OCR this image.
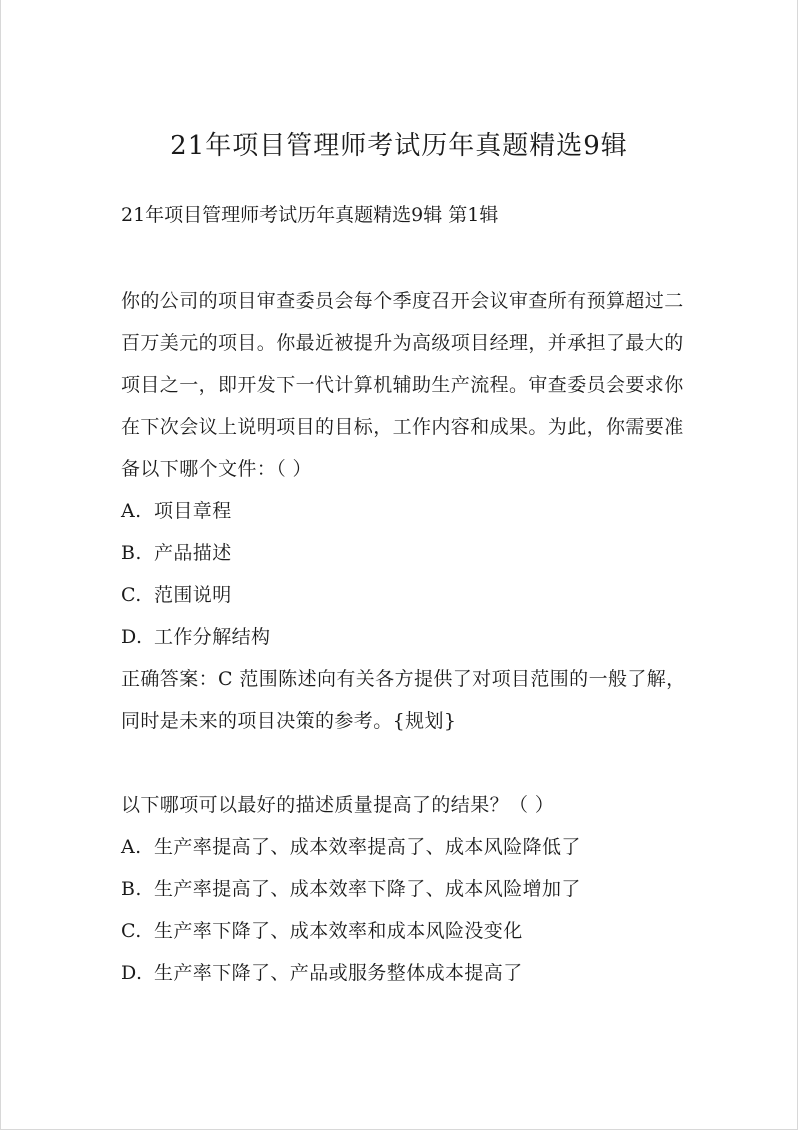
21年项目管理师考试历年真题精选9辑
21年项目管理师考试历年真题精选9辑 第1辑

你的公司的项目审查委员会每个季度召开会议审查所有预算超过二百万美元的项目。你最近被提升为高级项目经理，并承担了最大的项目之一，即开发下一代计算机辅助生产流程。审查委员会要求你在下次会议上说明项目的目标，工作内容和成果。为此，你需要准备以下哪个文件：（ ）

A. 项目章程
B. 产品描述
C. 范围说明
D. 工作分解结构

正确答案：C 范围陈述向有关各方提供了对项目范围的一般了解，同时是未来的项目决策的参考。{规划}

以下哪项可以最好的描述质量提高了的结果？（ ）

A. 生产率提高了、成本效率提高了、成本风险降低了
B. 生产率提高了、成本效率下降了、成本风险增加了
C. 生产率下降了、成本效率和成本风险没变化
D. 生产率下降了、产品或服务整体成本提高了
